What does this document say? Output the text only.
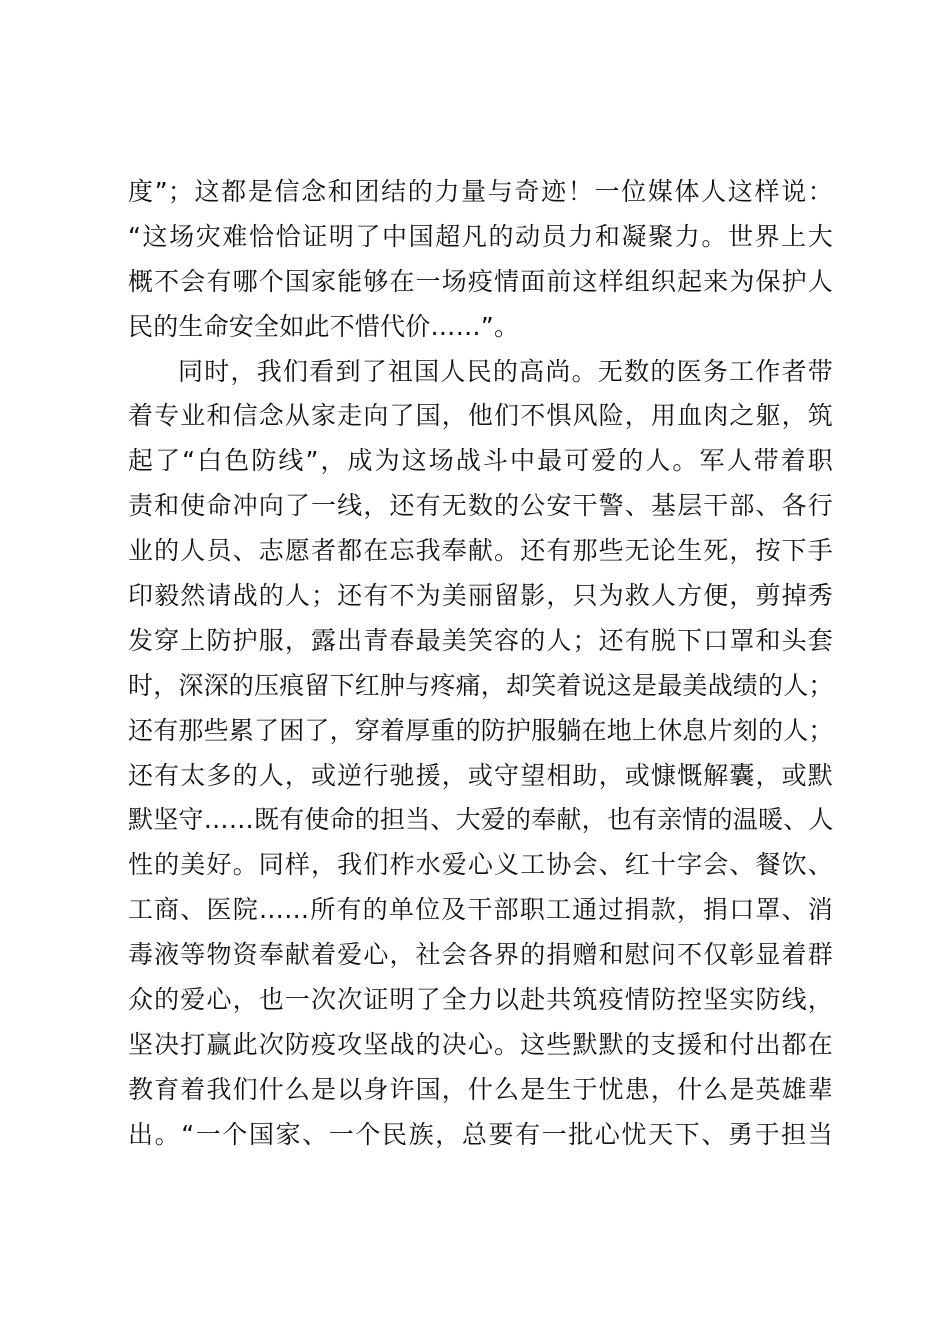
度”；这都是信念和团结的力量与奇迹！一位媒体人这样说：
“这场灾难恰恰证明了中国超凡的动员力和凝聚力。世界上大
概不会有哪个国家能够在一场疫情面前这样组织起来为保护人
民的生命安全如此不惜代价……”。
同时，我们看到了祖国人民的高尚。无数的医务工作者带
着专业和信念从家走向了国，他们不惧风险，用血肉之躯，筑
起了“白色防线”，成为这场战斗中最可爱的人。军人带着职
责和使命冲向了一线，还有无数的公安干警、基层干部、各行
业的人员、志愿者都在忘我奉献。还有那些无论生死，按下手
印毅然请战的人；还有不为美丽留影，只为救人方便，剪掉秀
发穿上防护服，露出青春最美笑容的人；还有脱下口罩和头套
时，深深的压痕留下红肿与疼痛，却笑着说这是最美战绩的人；
还有那些累了困了，穿着厚重的防护服躺在地上休息片刻的人；
还有太多的人，或逆行驰援，或守望相助，或慷慨解囊，或默
默坚守……既有使命的担当、大爱的奉献，也有亲情的温暖、人
性的美好。同样，我们柞水爱心义工协会、红十字会、餐饮、
工商、医院……所有的单位及干部职工通过捐款，捐口罩、消
毒液等物资奉献着爱心，社会各界的捐赠和慰问不仅彰显着群
众的爱心，也一次次证明了全力以赴共筑疫情防控坚实防线，
坚决打赢此次防疫攻坚战的决心。这些默默的支援和付出都在
教育着我们什么是以身许国，什么是生于忧患，什么是英雄辈
出。“一个国家、一个民族，总要有一批心忧天下、勇于担当
